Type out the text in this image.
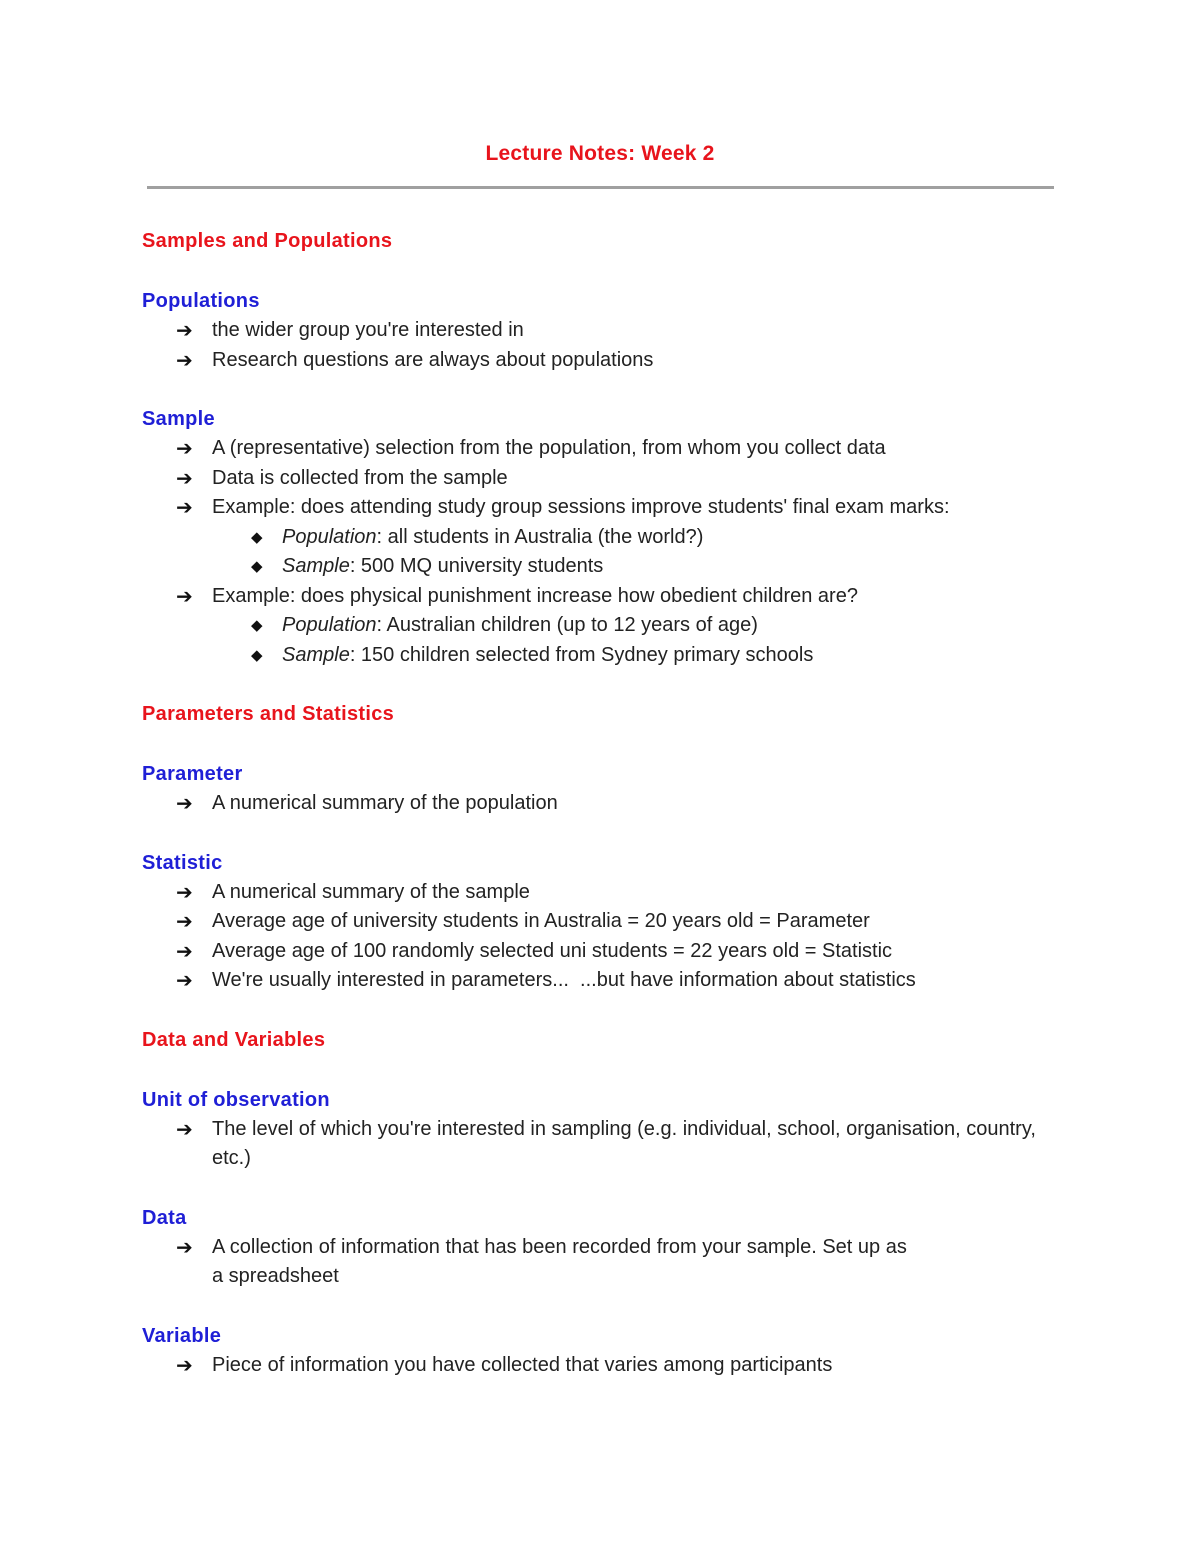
Lecture Notes: Week 2
Samples and Populations
Populations
➔ the wider group you're interested in
➔ Research questions are always about populations
Sample
➔ A (representative) selection from the population, from whom you collect data
➔ Data is collected from the sample
➔ Example: does attending study group sessions improve students' final exam marks:
◆ Population: all students in Australia (the world?)
◆ Sample: 500 MQ university students
➔ Example: does physical punishment increase how obedient children are?
◆ Population: Australian children (up to 12 years of age)
◆ Sample: 150 children selected from Sydney primary schools
Parameters and Statistics
Parameter
➔ A numerical summary of the population
Statistic
➔ A numerical summary of the sample
➔ Average age of university students in Australia = 20 years old = Parameter
➔ Average age of 100 randomly selected uni students = 22 years old = Statistic
➔ We're usually interested in parameters...  ...but have information about statistics
Data and Variables
Unit of observation
➔ The level of which you're interested in sampling (e.g. individual, school, organisation, country, etc.)
Data
➔ A collection of information that has been recorded from your sample. Set up as a spreadsheet
Variable
➔ Piece of information you have collected that varies among participants
